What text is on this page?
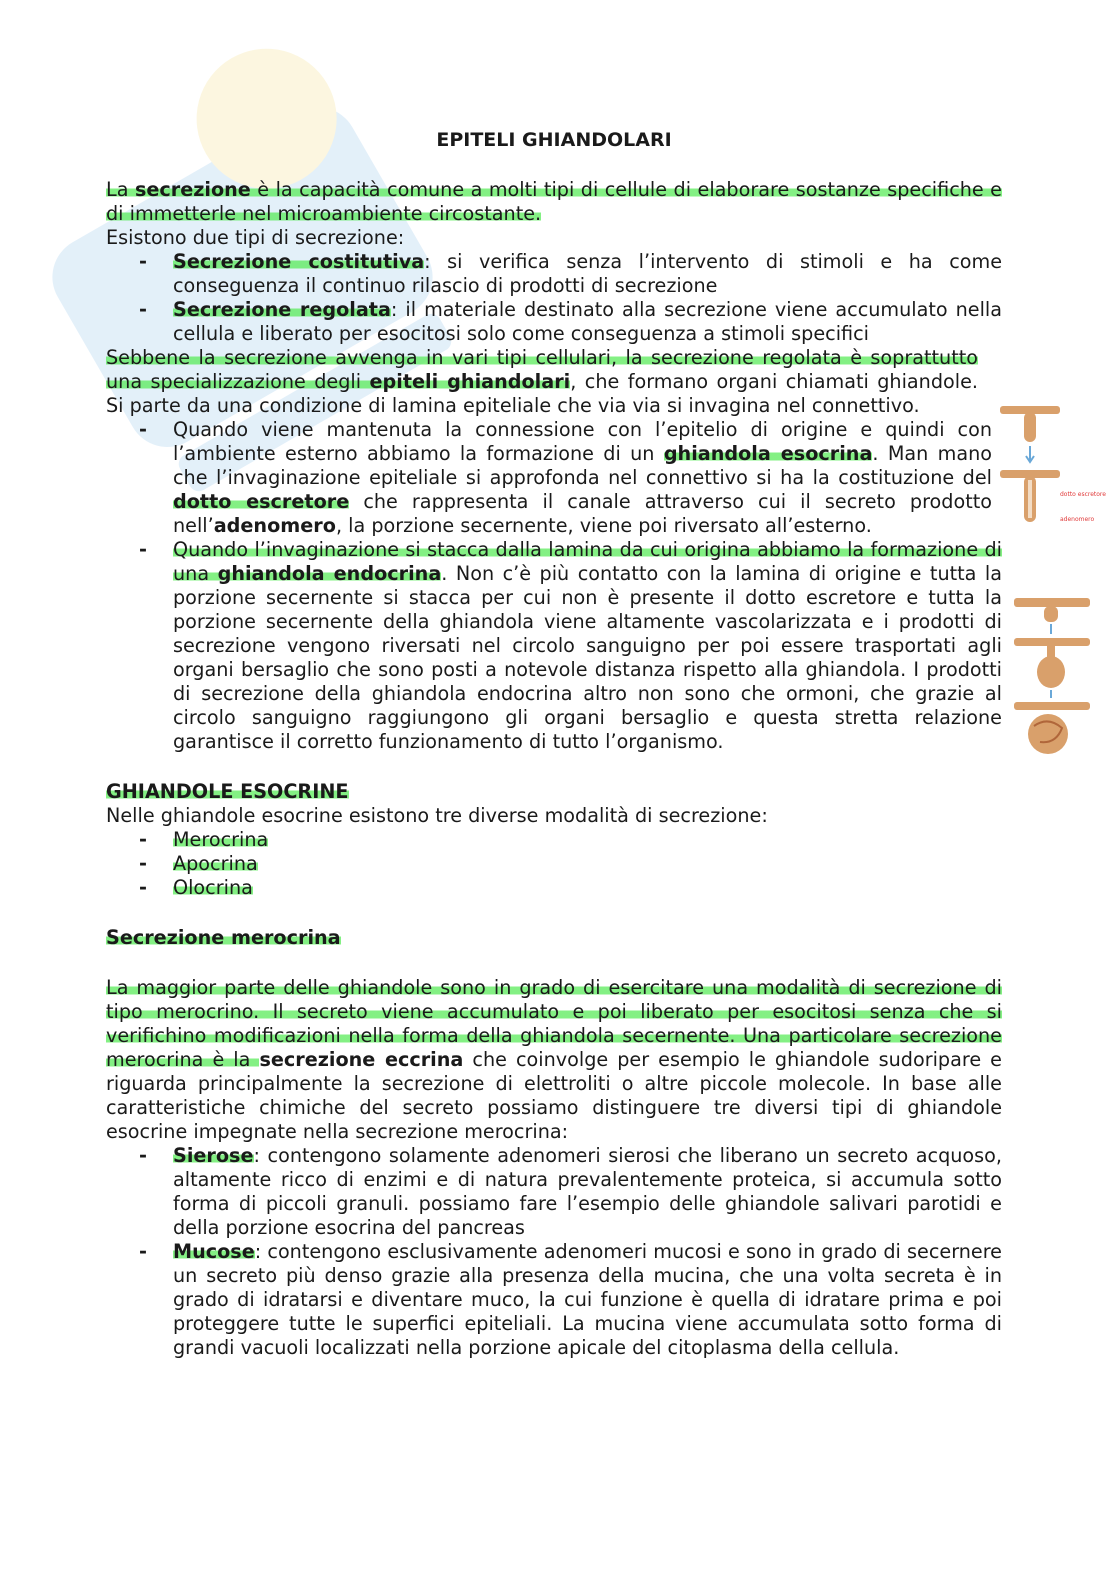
EPITELI GHIANDOLARI

La secrezione è la capacità comune a molti tipi di cellule di elaborare sostanze specifiche e di immetterle nel microambiente circostante.

Esistono due tipi di secrezione:

- Secrezione costitutiva: si verifica senza l’intervento di stimoli e ha come conseguenza il continuo rilascio di prodotti di secrezione
- Secrezione regolata: il materiale destinato alla secrezione viene accumulato nella cellula e liberato per esocitosi solo come conseguenza a stimoli specifici

Sebbene la secrezione avvenga in vari tipi cellulari, la secrezione regolata è soprattutto una specializzazione degli epiteli ghiandolari, che formano organi chiamati ghiandole. Si parte da una condizione di lamina epiteliale che via via si invagina nel connettivo.

- Quando viene mantenuta la connessione con l’epitelio di origine e quindi con l’ambiente esterno abbiamo la formazione di un ghiandola esocrina. Man mano che l’invaginazione epiteliale si approfonda nel connettivo si ha la costituzione del dotto escretore che rappresenta il canale attraverso cui il secreto prodotto nell’adenomero, la porzione secernente, viene poi riversato all’esterno.
- Quando l’invaginazione si stacca dalla lamina da cui origina abbiamo la formazione di una ghiandola endocrina. Non c’è più contatto con la lamina di origine e tutta la porzione secernente si stacca per cui non è presente il dotto escretore e tutta la porzione secernente della ghiandola viene altamente vascolarizzata e i prodotti di secrezione vengono riversati nel circolo sanguigno per poi essere trasportati agli organi bersaglio che sono posti a notevole distanza rispetto alla ghiandola. I prodotti di secrezione della ghiandola endocrina altro non sono che ormoni, che grazie al circolo sanguigno raggiungono gli organi bersaglio e questa stretta relazione garantisce il corretto funzionamento di tutto l’organismo.
GHIANDOLE ESOCRINE

Nelle ghiandole esocrine esistono tre diverse modalità di secrezione:

- Merocrina
- Apocrina
- Olocrina
Secrezione merocrina

La maggior parte delle ghiandole sono in grado di esercitare una modalità di secrezione di tipo merocrino. Il secreto viene accumulato e poi liberato per esocitosi senza che si verifichino modificazioni nella forma della ghiandola secernente. Una particolare secrezione merocrina è la secrezione eccrina che coinvolge per esempio le ghiandole sudoripare e riguarda principalmente la secrezione di elettroliti o altre piccole molecole. In base alle caratteristiche chimiche del secreto possiamo distinguere tre diversi tipi di ghiandole esocrine impegnate nella secrezione merocrina:

- Sierose: contengono solamente adenomeri sierosi che liberano un secreto acquoso, altamente ricco di enzimi e di natura prevalentemente proteica, si accumula sotto forma di piccoli granuli. possiamo fare l’esempio delle ghiandole salivari parotidi e della porzione esocrina del pancreas
- Mucose: contengono esclusivamente adenomeri mucosi e sono in grado di secernere un secreto più denso grazie alla presenza della mucina, che una volta secreta è in grado di idratarsi e diventare muco, la cui funzione è quella di idratare prima e poi proteggere tutte le superfici epiteliali. La mucina viene accumulata sotto forma di grandi vacuoli localizzati nella porzione apicale del citoplasma della cellula.
dotto escretore
adenomero
